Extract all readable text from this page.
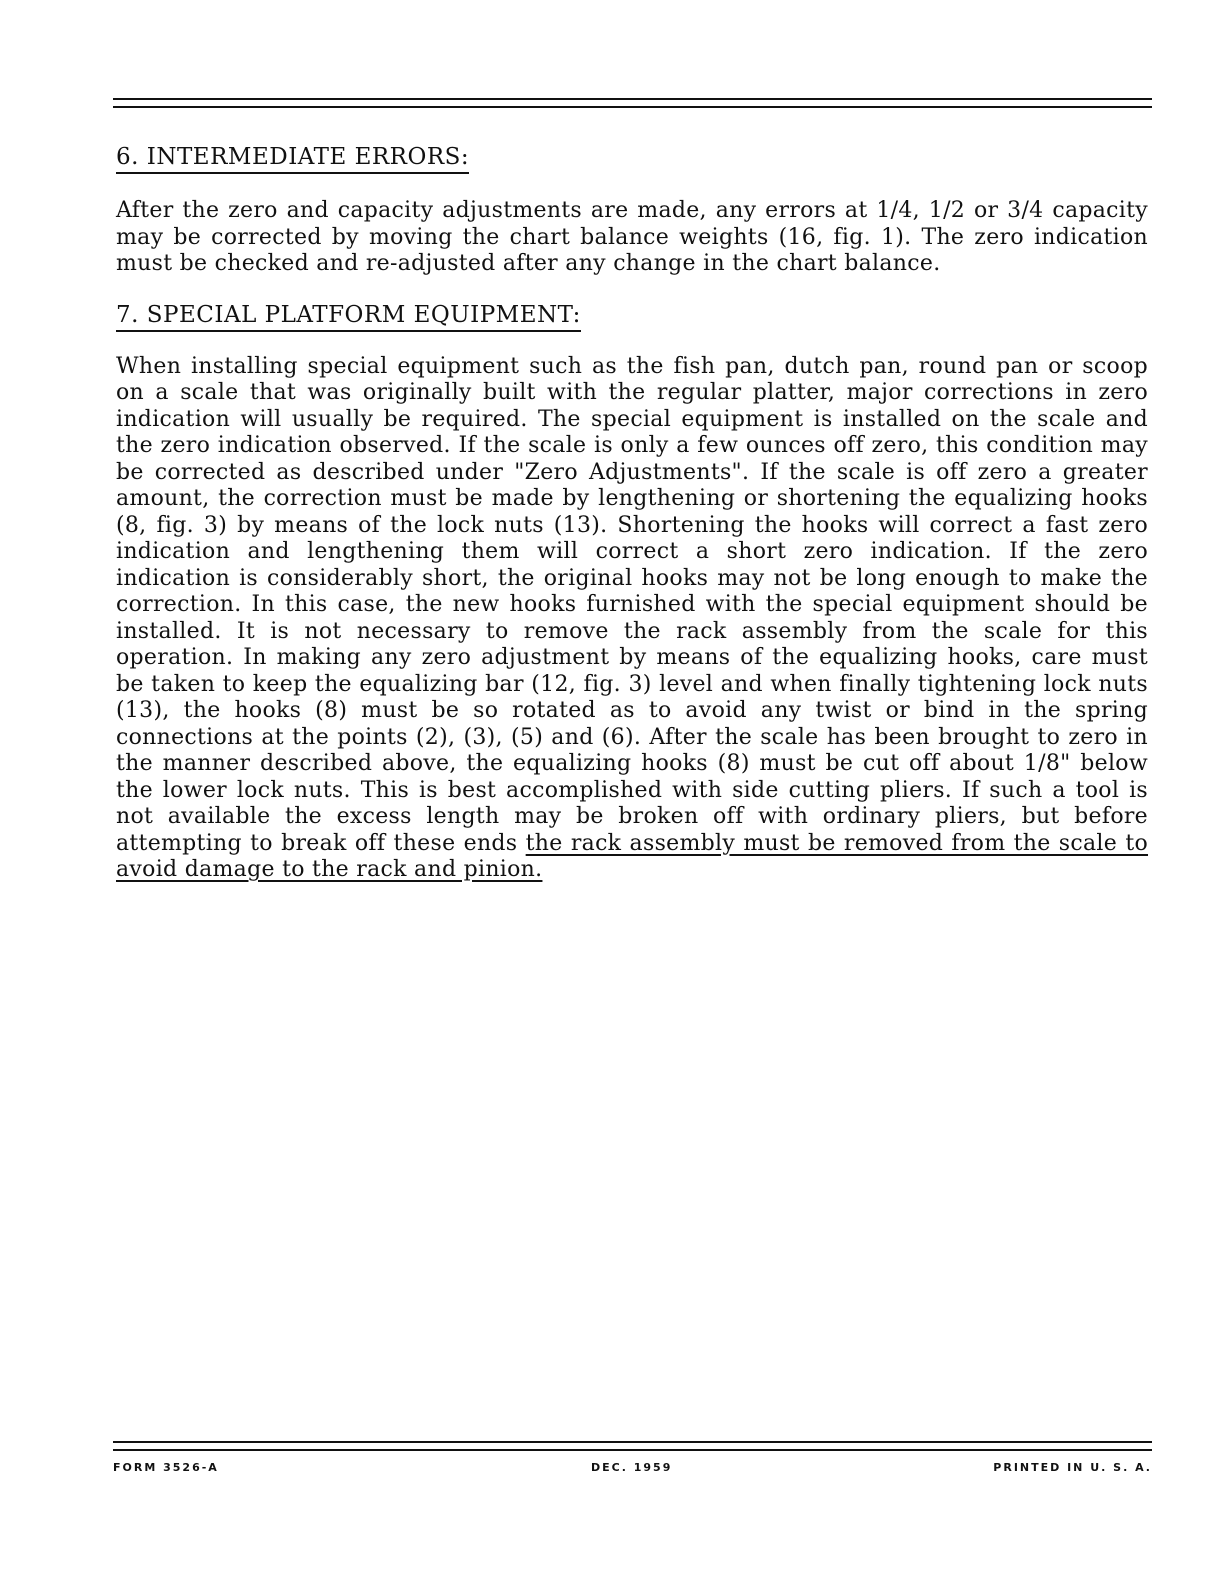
6. INTERMEDIATE ERRORS:

After the zero and capacity adjustments are made, any errors at 1/4, 1/2 or 3/4 capacity may be corrected by moving the chart balance weights (16, fig. 1). The zero indication must be checked and re-adjusted after any change in the chart balance.

7. SPECIAL PLATFORM EQUIPMENT:

When installing special equipment such as the fish pan, dutch pan, round pan or scoop on a scale that was originally built with the regular platter, major corrections in zero indication will usually be required. The special equipment is installed on the scale and the zero indication observed. If the scale is only a few ounces off zero, this condition may be corrected as described under "Zero Adjustments". If the scale is off zero a greater amount, the correction must be made by lengthening or shortening the equalizing hooks (8, fig. 3) by means of the lock nuts (13). Shortening the hooks will correct a fast zero indication and lengthening them will correct a short zero indication. If the zero indication is considerably short, the original hooks may not be long enough to make the correction. In this case, the new hooks furnished with the special equipment should be installed. It is not necessary to remove the rack assembly from the scale for this operation. In making any zero adjustment by means of the equalizing hooks, care must be taken to keep the equalizing bar (12, fig. 3) level and when finally tightening lock nuts (13), the hooks (8) must be so rotated as to avoid any twist or bind in the spring connections at the points (2), (3), (5) and (6). After the scale has been brought to zero in the manner described above, the equalizing hooks (8) must be cut off about 1/8" below the lower lock nuts. This is best accomplished with side cutting pliers. If such a tool is not available the excess length may be broken off with ordinary pliers, but before attempting to break off these ends the rack assembly must be removed from the scale to avoid damage to the rack and pinion.

FORM 3526-A	DEC. 1959	PRINTED IN U. S. A.
